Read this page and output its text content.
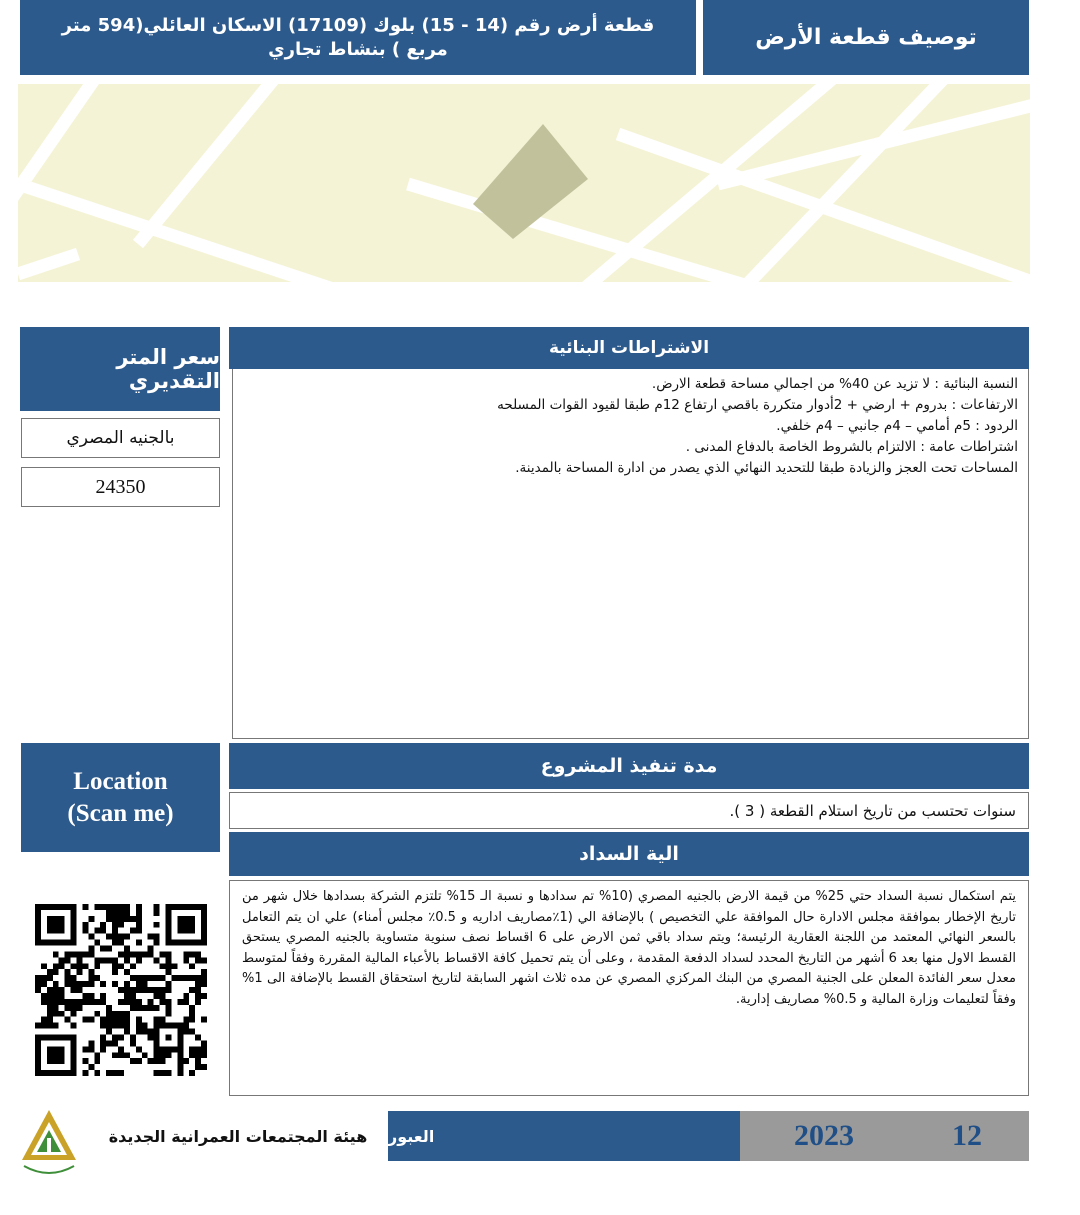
قطعة أرض رقم (14 - 15) بلوك (17109) الاسكان العائلي(594 متر مربع ) بنشاط تجاري	توصيف قطعة الأرض
سعر المتر التقديري
بالجنيه المصري
24350
الاشتراطات البنائية
النسبة البنائية : لا تزيد عن 40% من اجمالي مساحة قطعة الارض.
الارتفاعات : بدروم + ارضي + 2أدوار متكررة باقصي ارتفاع 12م طبقا لقيود القوات المسلحه
الردود : 5م أمامي – 4م جانبي – 4م خلفي.
اشتراطات عامة : الالتزام بالشروط الخاصة بالدفاع المدنى .
المساحات تحت العجز والزيادة طبقا للتحديد النهائي الذي يصدر من ادارة المساحة بالمدينة.
Location
(Scan me)
مدة تنفيذ المشروع
سنوات تحتسب من تاريخ استلام القطعة ( 3 ).
الية السداد
يتم استكمال نسبة السداد حتي 25% من قيمة الارض بالجنيه المصري (10% تم سدادها و نسبة الـ 15% تلتزم الشركة بسدادها خلال شهر من تاريخ الإخطار بموافقة مجلس الادارة حال الموافقة علي التخصيص ) بالإضافة الي (1٪مصاريف اداريه و 0.5٪ مجلس أمناء) علي ان يتم التعامل بالسعر النهائي المعتمد من اللجنة العقارية الرئيسة؛ ويتم سداد باقي ثمن الارض على 6 اقساط نصف سنوية متساوية بالجنيه المصري يستحق القسط الاول منها بعد 6 أشهر من التاريخ المحدد لسداد الدفعة المقدمة ، وعلى أن يتم تحميل كافة الاقساط بالأعباء المالية المقررة وفقاً لمتوسط معدل سعر الفائدة المعلن على الجنية المصري من البنك المركزي المصري عن مده ثلاث اشهر السابقة لتاريخ استحقاق القسط بالإضافة الى 1% وفقاً لتعليمات وزارة المالية و 0.5% مصاريف إدارية.
هيئة المجتمعات العمرانية الجديدة	العبور	2023	12
